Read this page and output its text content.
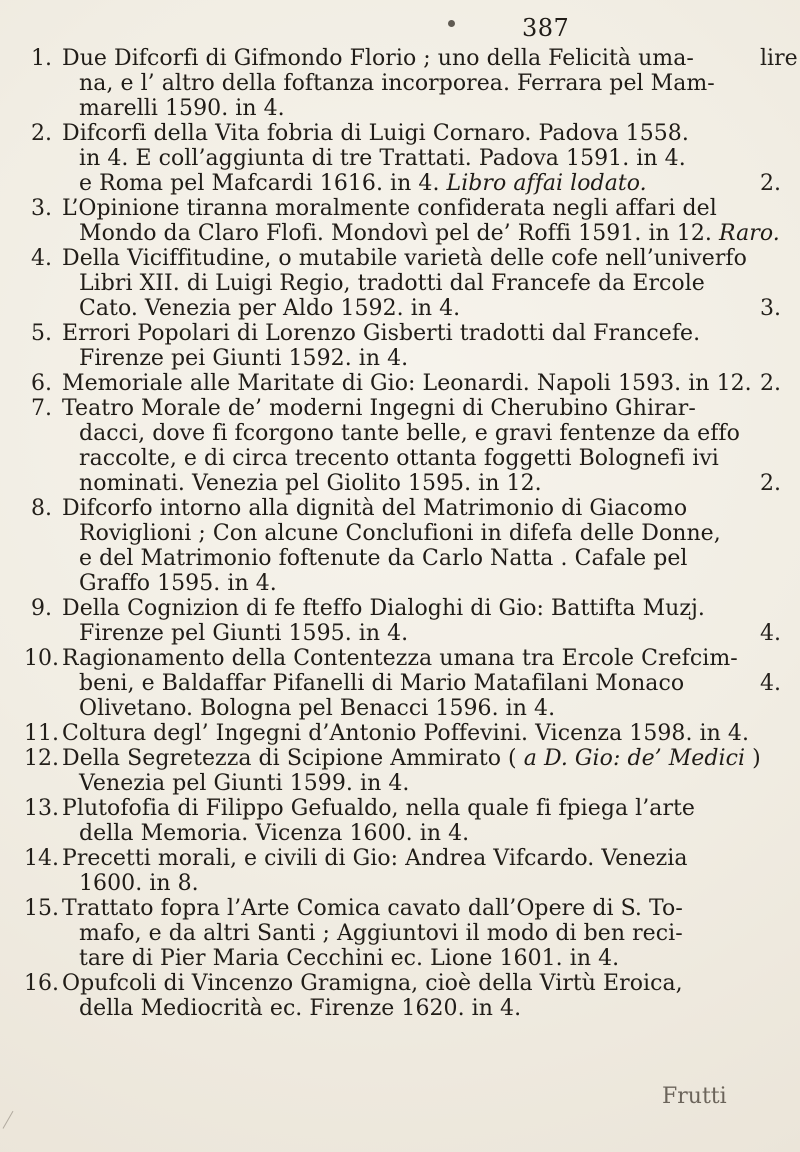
387
lire
1. Due Difcorfi di Gifmondo Florio ; uno della Felicità uma-
na, e l’ altro della foftanza incorporea. Ferrara pel Mam-
marelli 1590. in 4.
2.
2. Difcorfi della Vita fobria di Luigi Cornaro. Padova 1558.
in 4. E coll’aggiunta di tre Trattati. Padova 1591. in 4.
e Roma pel Mafcardi 1616. in 4. Libro affai lodato.
3. L’Opinione tiranna moralmente confiderata negli affari del
Mondo da Claro Flofi. Mondovì pel de’ Roffi 1591. in 12. Raro.
3.
4. Della Viciffitudine, o mutabile varietà delle cofe nell’univerfo
Libri XII. di Luigi Regio, tradotti dal Francefe da Ercole
Cato. Venezia per Aldo 1592. in 4.
5. Errori Popolari di Lorenzo Gisberti tradotti dal Francefe.
Firenze pei Giunti 1592. in 4.
2.
6. Memoriale alle Maritate di Gio: Leonardi. Napoli 1593. in 12.
2.
7. Teatro Morale de’ moderni Ingegni di Cherubino Ghirar-
dacci, dove fi fcorgono tante belle, e gravi fentenze da effo
raccolte, e di circa trecento ottanta foggetti Bolognefi ivi
nominati. Venezia pel Giolito 1595. in 12.
8. Difcorfo intorno alla dignità del Matrimonio di Giacomo
Roviglioni ; Con alcune Conclufioni in difefa delle Donne,
e del Matrimonio foftenute da Carlo Natta . Cafale pel
Graffo 1595. in 4.
4.
9. Della Cognizion di fe fteffo Dialoghi di Gio: Battifta Muzj.
Firenze pel Giunti 1595. in 4.
4.
10. Ragionamento della Contentezza umana tra Ercole Crefcim-
beni, e Baldaffar Pifanelli di Mario Matafilani Monaco
Olivetano. Bologna pel Benacci 1596. in 4.
11. Coltura degl’ Ingegni d’Antonio Poffevini. Vicenza 1598. in 4.
12. Della Segretezza di Scipione Ammirato ( a D. Gio: de’ Medici )
Venezia pel Giunti 1599. in 4.
13. Plutofofia di Filippo Gefualdo, nella quale fi fpiega l’arte
della Memoria. Vicenza 1600. in 4.
14. Precetti morali, e civili di Gio: Andrea Vifcardo. Venezia
1600. in 8.
15. Trattato fopra l’Arte Comica cavato dall’Opere di S. To-
mafo, e da altri Santi ; Aggiuntovi il modo di ben reci-
tare di Pier Maria Cecchini ec. Lione 1601. in 4.
16. Opufcoli di Vincenzo Gramigna, cioè della Virtù Eroica,
della Mediocrità ec. Firenze 1620. in 4.
Frutti
